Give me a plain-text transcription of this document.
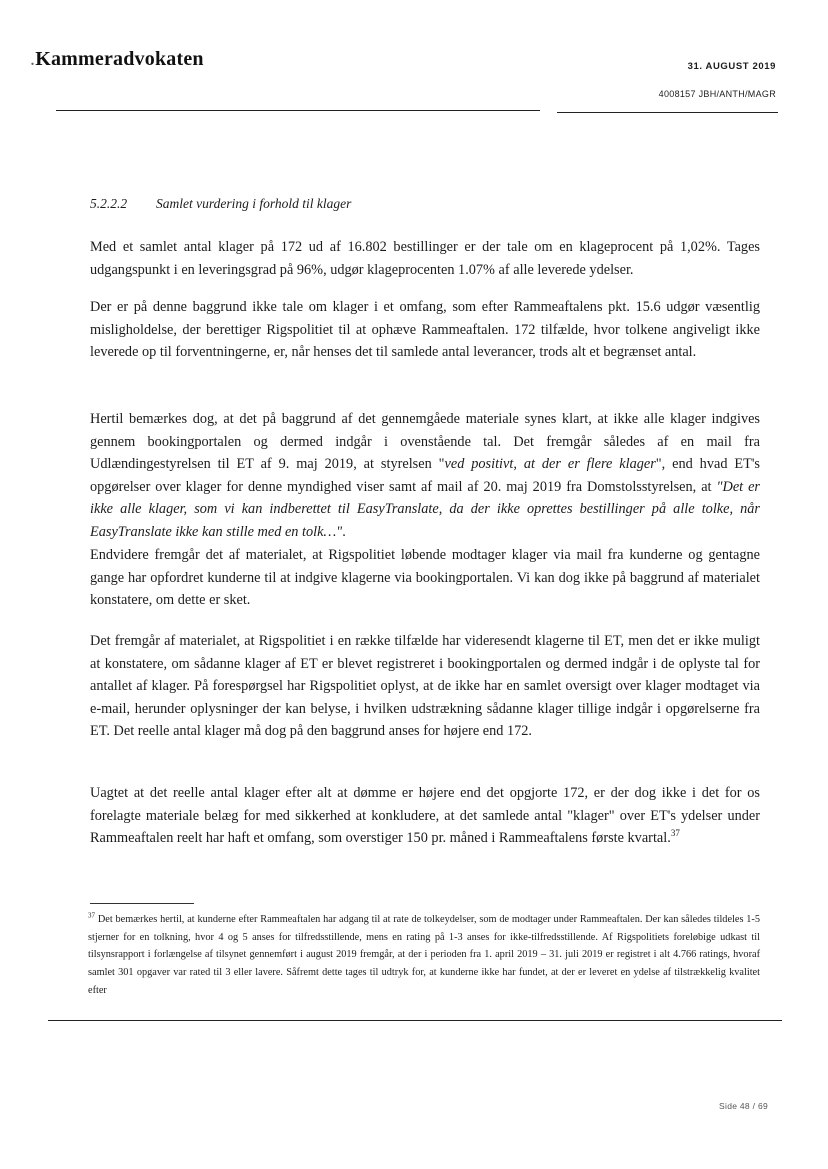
.Kammeradvokaten	31. AUGUST 2019
4008157 JBH/ANTH/MAGR
5.2.2.2 Samlet vurdering i forhold til klager

Med et samlet antal klager på 172 ud af 16.802 bestillinger er der tale om en klageprocent på 1,02%. Tages udgangspunkt i en leveringsgrad på 96%, udgør klageprocenten 1.07% af alle leverede ydelser.

Der er på denne baggrund ikke tale om klager i et omfang, som efter Rammeaftalens pkt. 15.6 udgør væsentlig misligholdelse, der berettiger Rigspolitiet til at ophæve Rammeaftalen. 172 tilfælde, hvor tolkene angiveligt ikke leverede op til forventningerne, er, når henses det til samlede antal leverancer, trods alt et begrænset antal.

Hertil bemærkes dog, at det på baggrund af det gennemgåede materiale synes klart, at ikke alle klager indgives gennem bookingportalen og dermed indgår i ovenstående tal. Det fremgår således af en mail fra Udlændingestyrelsen til ET af 9. maj 2019, at styrelsen "ved positivt, at der er flere klager", end hvad ET's opgørelser over klager for denne myndighed viser samt af mail af 20. maj 2019 fra Domstolsstyrelsen, at "Det er ikke alle klager, som vi kan indberettet til EasyTranslate, da der ikke oprettes bestillinger på alle tolke, når EasyTranslate ikke kan stille med en tolk…".

Endvidere fremgår det af materialet, at Rigspolitiet løbende modtager klager via mail fra kunderne og gentagne gange har opfordret kunderne til at indgive klagerne via bookingportalen. Vi kan dog ikke på baggrund af materialet konstatere, om dette er sket.

Det fremgår af materialet, at Rigspolitiet i en række tilfælde har videresendt klagerne til ET, men det er ikke muligt at konstatere, om sådanne klager af ET er blevet registreret i bookingportalen og dermed indgår i de oplyste tal for antallet af klager. På forespørgsel har Rigspolitiet oplyst, at de ikke har en samlet oversigt over klager modtaget via e-mail, herunder oplysninger der kan belyse, i hvilken udstrækning sådanne klager tillige indgår i opgørelserne fra ET. Det reelle antal klager må dog på den baggrund anses for højere end 172.

Uagtet at det reelle antal klager efter alt at dømme er højere end det opgjorte 172, er der dog ikke i det for os forelagte materiale belæg for med sikkerhed at konkludere, at det samlede antal "klager" over ET's ydelser under Rammeaftalen reelt har haft et omfang, som overstiger 150 pr. måned i Rammeaftalens første kvartal.$^{37}$

$^{37}$ Det bemærkes hertil, at kunderne efter Rammeaftalen har adgang til at rate de tolkeydelser, som de modtager under Rammeaftalen. Der kan således tildeles 1-5 stjerner for en tolkning, hvor 4 og 5 anses for tilfredsstillende, mens en rating på 1-3 anses for ikke-tilfredsstillende. Af Rigspolitiets foreløbige udkast til tilsynsrapport i forlængelse af tilsynet gennemført i august 2019 fremgår, at der i perioden fra 1. april 2019 – 31. juli 2019 er registret i alt 4.766 ratings, hvoraf samlet 301 opgaver var rated til 3 eller lavere. Såfremt dette tages til udtryk for, at kunderne ikke har fundet, at der er leveret en ydelse af tilstrækkelig kvalitet efter

Side 48 / 69
